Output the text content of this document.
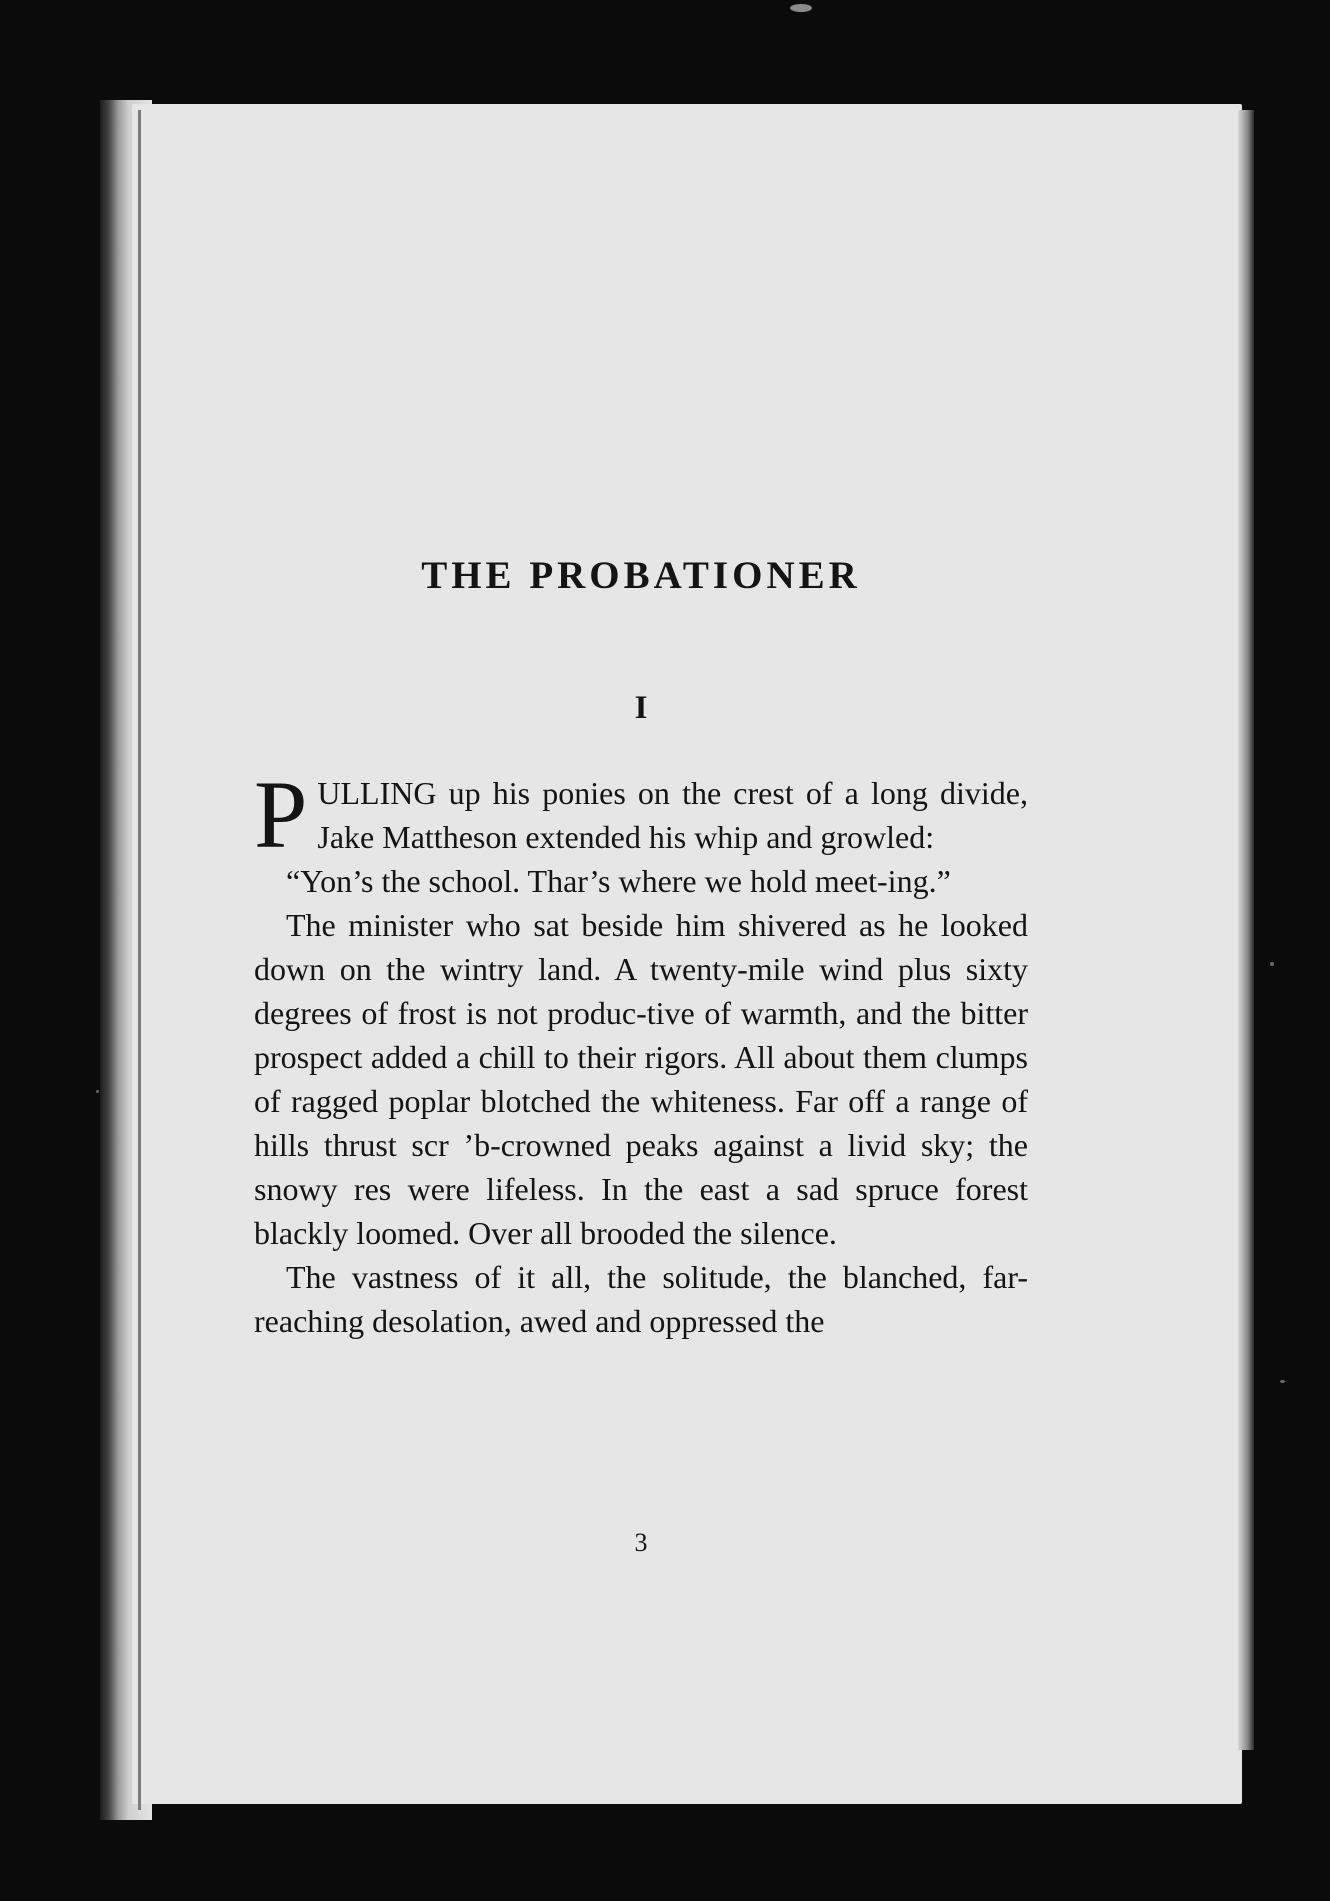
THE PROBATIONER
I

PULLING up his ponies on the crest of a long divide, Jake Mattheson extended his whip and growled:

“Yon’s the school. Thar’s where we hold meet-ing.”

The minister who sat beside him shivered as he looked down on the wintry land. A twenty-mile wind plus sixty degrees of frost is not produc-tive of warmth, and the bitter prospect added a chill to their rigors. All about them clumps of ragged poplar blotched the whiteness. Far off a range of hills thrust scr ’b-crowned peaks against a livid sky; the snowy res were lifeless. In the east a sad spruce forest blackly loomed. Over all brooded the silence.

The vastness of it all, the solitude, the blanched, far-reaching desolation, awed and oppressed the

3
